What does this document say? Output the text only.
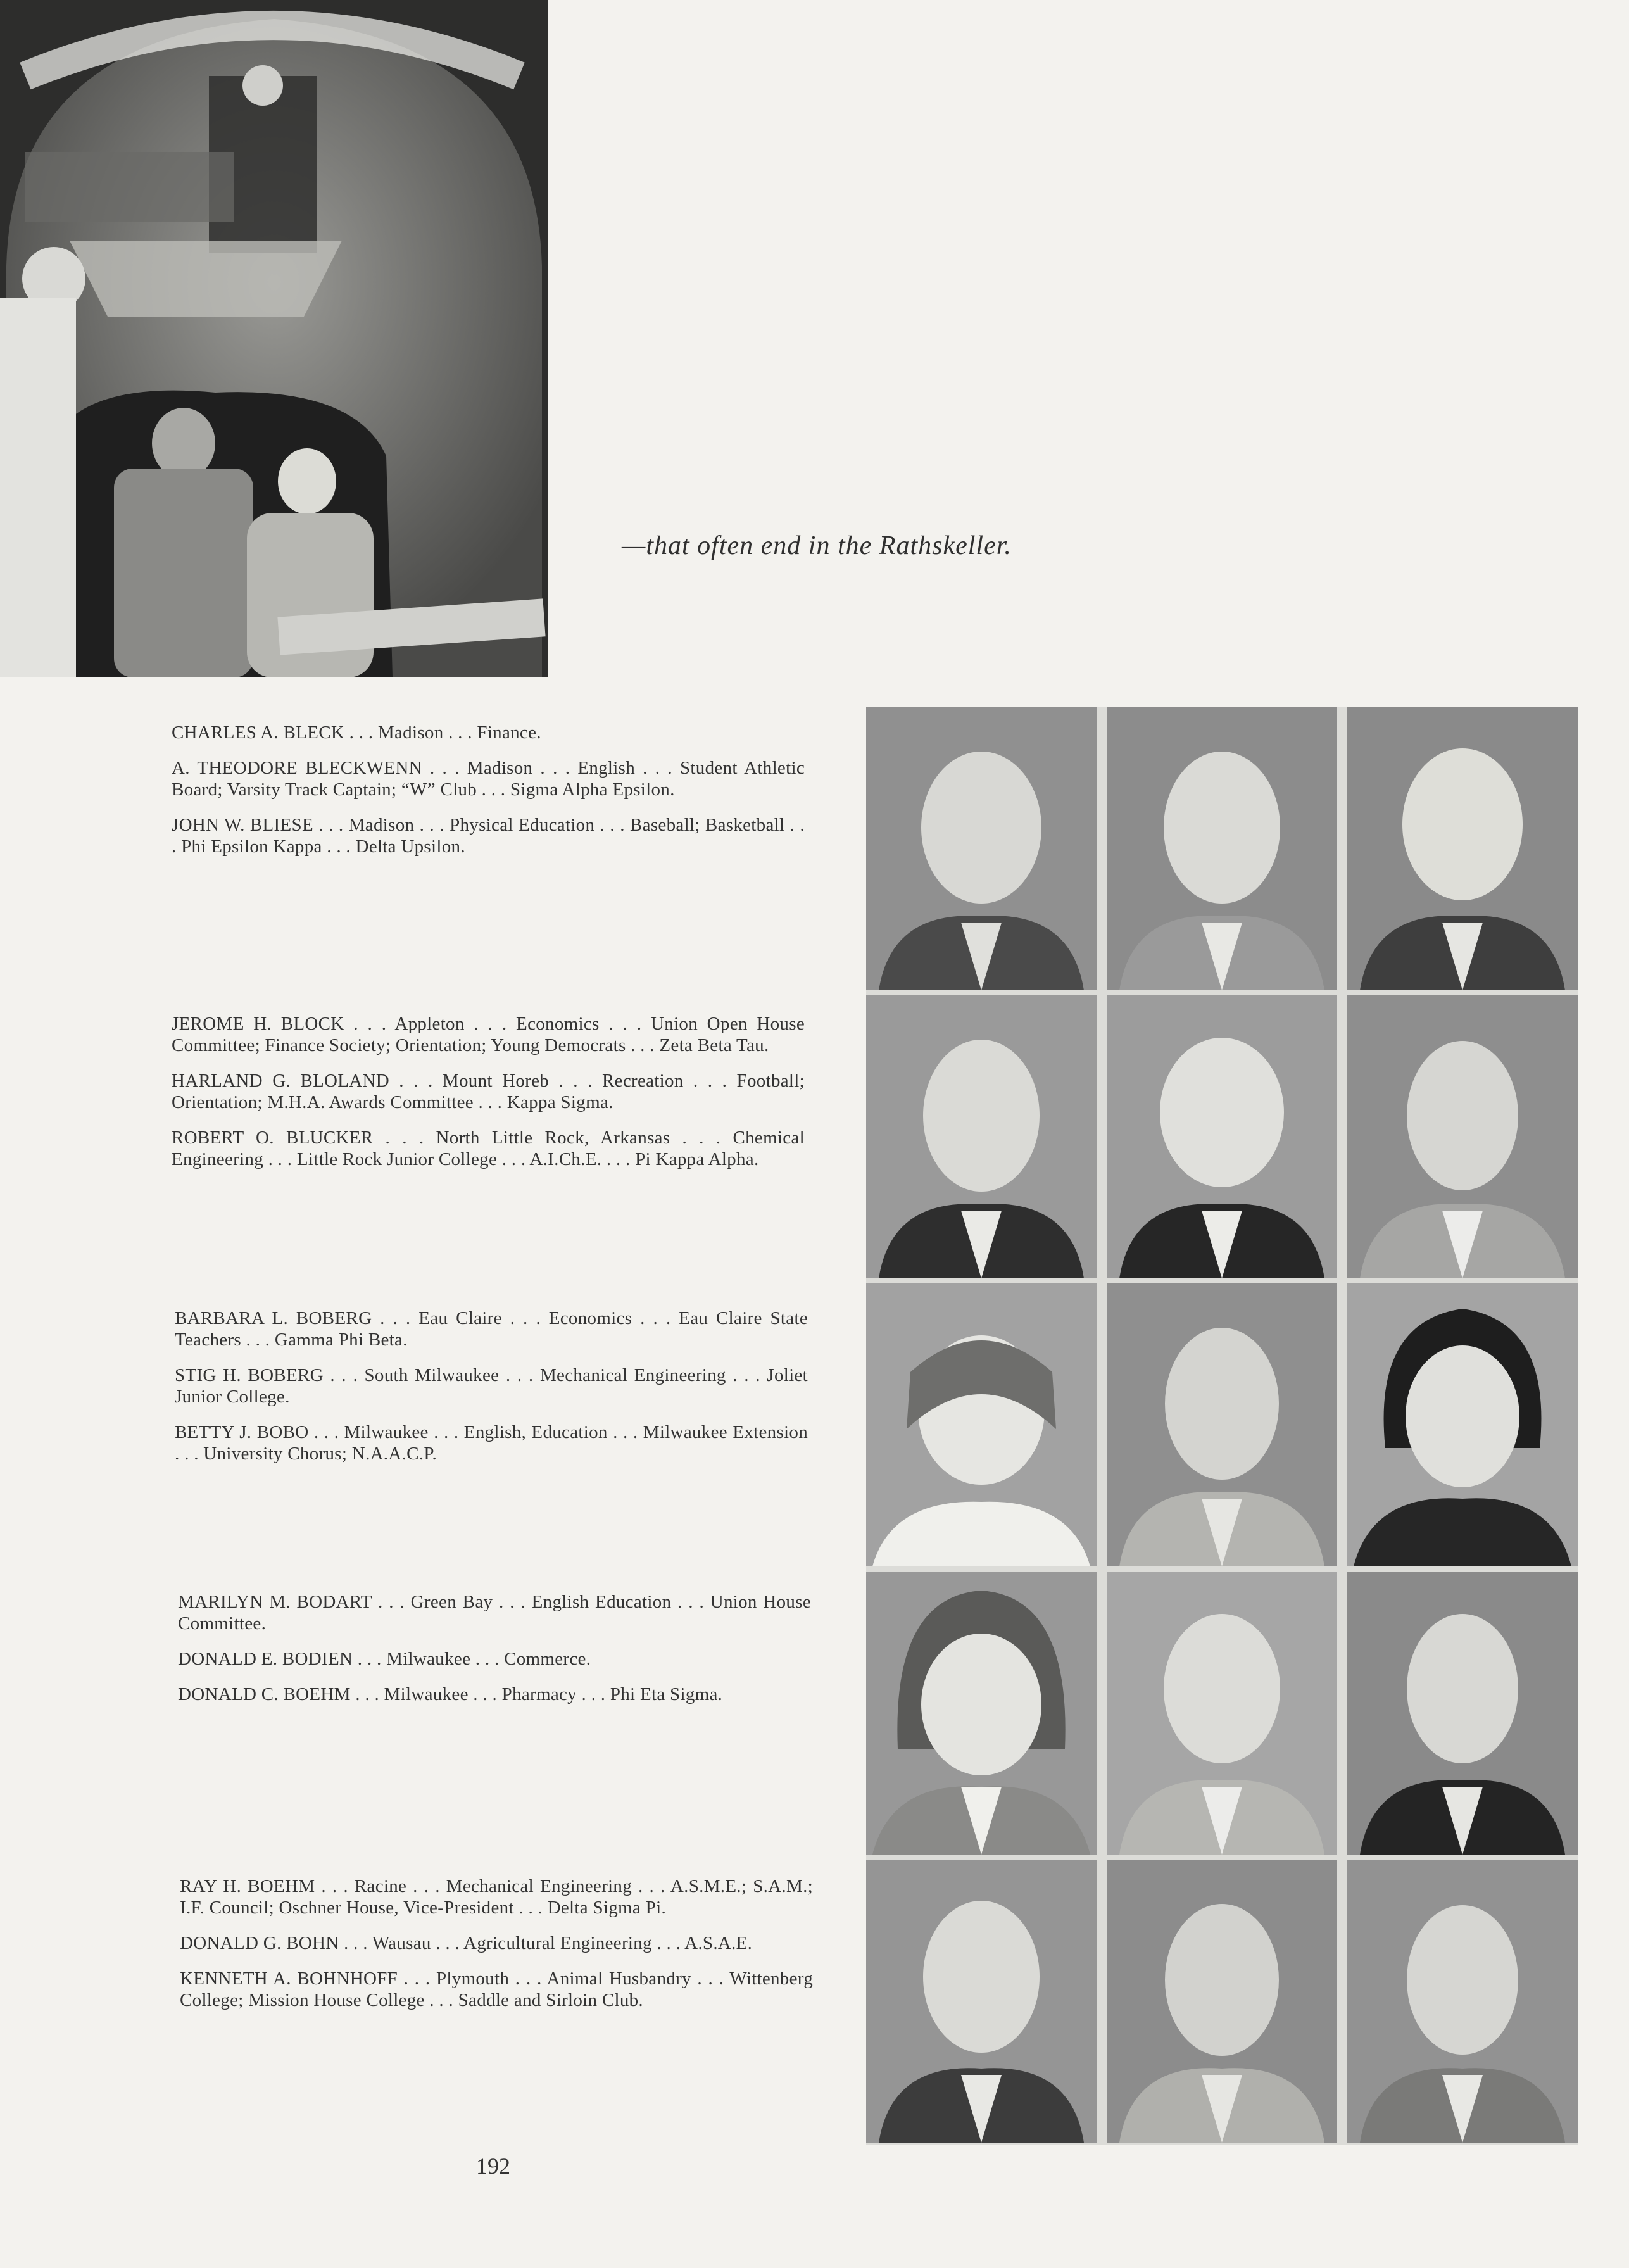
—that often end in the Rathskeller.

CHARLES A. BLECK . . . Madison . . . Finance.

A. THEODORE BLECKWENN . . . Madison . . . English . . . Student Athletic Board; Varsity Track Captain; “W” Club . . . Sigma Alpha Epsilon.

JOHN W. BLIESE . . . Madison . . . Physical Education . . . Baseball; Basketball . . . Phi Epsilon Kappa . . . Delta Upsilon.

JEROME H. BLOCK . . . Appleton . . . Economics . . . Union Open House Committee; Finance Society; Orientation; Young Democrats . . . Zeta Beta Tau.

HARLAND G. BLOLAND . . . Mount Horeb . . . Recreation . . . Football; Orientation; M.H.A. Awards Committee . . . Kappa Sigma.

ROBERT O. BLUCKER . . . North Little Rock, Arkansas . . . Chemical Engineering . . . Little Rock Junior College . . . A.I.Ch.E. . . . Pi Kappa Alpha.

BARBARA L. BOBERG . . . Eau Claire . . . Economics . . . Eau Claire State Teachers . . . Gamma Phi Beta.

STIG H. BOBERG . . . South Milwaukee . . . Mechanical Engineering . . . Joliet Junior College.

BETTY J. BOBO . . . Milwaukee . . . English, Education . . . Milwaukee Extension . . . University Chorus; N.A.A.C.P.

MARILYN M. BODART . . . Green Bay . . . English Education . . . Union House Committee.

DONALD E. BODIEN . . . Milwaukee . . . Commerce.

DONALD C. BOEHM . . . Milwaukee . . . Pharmacy . . . Phi Eta Sigma.

RAY H. BOEHM . . . Racine . . . Mechanical Engineering . . . A.S.M.E.; S.A.M.; I.F. Council; Oschner House, Vice-President . . . Delta Sigma Pi.

DONALD G. BOHN . . . Wausau . . . Agricultural Engineering . . . A.S.A.E.

KENNETH A. BOHNHOFF . . . Plymouth . . . Animal Husbandry . . . Wittenberg College; Mission House College . . . Saddle and Sirloin Club.

192
